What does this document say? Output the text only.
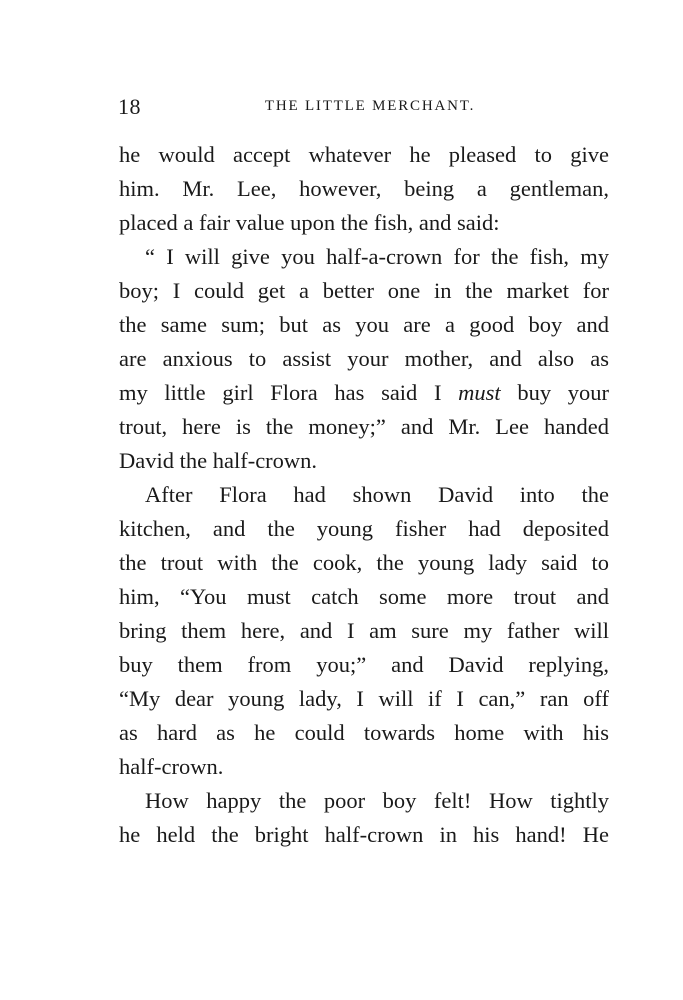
18	THE LITTLE MERCHANT.
he would accept whatever he pleased to give
him. Mr. Lee, however, being a gentleman,
placed a fair value upon the fish, and said:
“ I will give you half-a-crown for the fish, my
boy; I could get a better one in the market for
the same sum; but as you are a good boy and
are anxious to assist your mother, and also as
my little girl Flora has said I must buy your
trout, here is the money;” and Mr. Lee handed
David the half-crown.
After Flora had shown David into the
kitchen, and the young fisher had deposited
the trout with the cook, the young lady said to
him, “You must catch some more trout and
bring them here, and I am sure my father will
buy them from you;” and David replying,
“My dear young lady, I will if I can,” ran off
as hard as he could towards home with his
half-crown.
How happy the poor boy felt! How tightly
he held the bright half-crown in his hand! He
